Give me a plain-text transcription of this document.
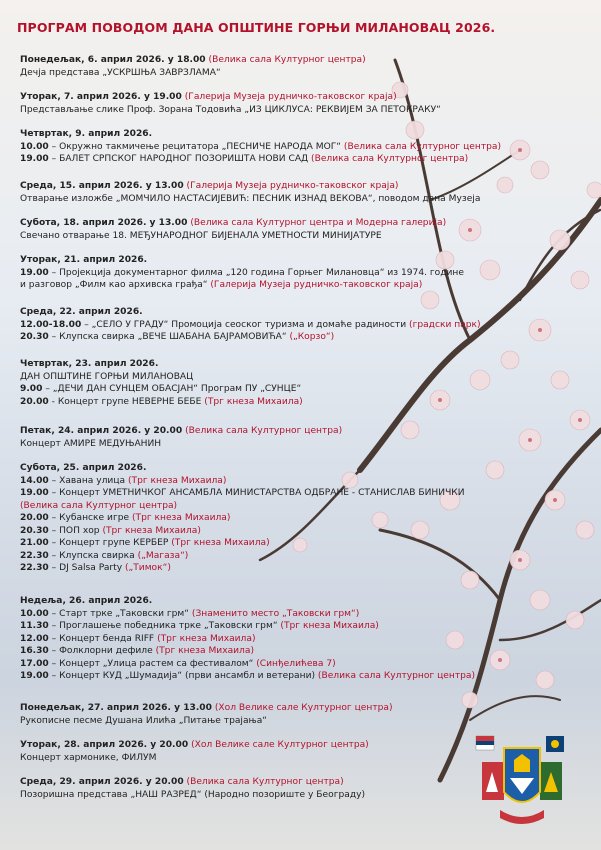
ПРОГРАМ ПОВОДОМ ДАНА ОПШТИНЕ ГОРЊИ МИЛАНОВАЦ 2026.
Понедељак, 6. април 2026. у 18.00 (Велика сала Културног центра)
Дечја представа „УСКРШЊА ЗАВРЗЛАМА“
Уторак, 7. април 2026. у 19.00 (Галерија Музеја рудничко-таковског краја)
Представљање слике Проф. Зорана Тодовића „ИЗ ЦИКЛУСА: РЕКВИЈЕМ ЗА ПЕТОКРАКУ“
Четвртак, 9. април 2026.
10.00 – Окружно такмичење рецитатора „ПЕСНИЧЕ НАРОДА МОГ“ (Велика сала Културног центра)
19.00 – БАЛЕТ СРПСКОГ НАРОДНОГ ПОЗОРИШТА НОВИ САД (Велика сала Културног центра)
Среда, 15. април 2026. у 13.00 (Галерија Музеја рудничко-таковског краја)
Отварање изложбе „МОМЧИЛО НАСТАСИЈЕВИЋ: ПЕСНИК ИЗНАД ВЕКОВА“, поводом дана Музеја
Субота, 18. април 2026. у 13.00 (Велика сала Културног центра и Модерна галерија)
Свечано отварање 18. МЕЂУНАРОДНОГ БИЈЕНАЛА УМЕТНОСТИ МИНИЈАТУРЕ
Уторак, 21. април 2026.
19.00 – Пројекција документарног филма „120 година Горњег Милановца“ из 1974. године
и разговор „Филм као архивска грађа“ (Галерија Музеја рудничко-таковског краја)
Среда, 22. април 2026.
12.00-18.00 – „СЕЛО У ГРАДУ“ Промоција сеоског туризма и домаће радиности (градски парк)
20.30 – Клупска свирка „ВЕЧЕ ШАБАНА БАЈРАМОВИЋА“ („Корзо“)
Четвртак, 23. април 2026.
ДАН ОПШТИНЕ ГОРЊИ МИЛАНОВАЦ
9.00 – „ДЕЧИ ДАН СУНЦЕМ ОБАСЈАН“ Програм ПУ „СУНЦЕ“
20.00 - Концерт групе НЕВЕРНЕ БЕБЕ (Трг кнеза Михаила)
Петак, 24. април 2026. у 20.00 (Велика сала Културног центра)
Концерт АМИРЕ МЕДУЊАНИН
Субота, 25. април 2026.
14.00 – Хавана улица (Трг кнеза Михаила)
19.00 – Концерт УМЕТНИЧКОГ АНСАМБЛА МИНИСТАРСТВА ОДБРАНЕ - СТАНИСЛАВ БИНИЧКИ
(Велика сала Културног центра)
20.00 – Кубанске игре (Трг кнеза Михаила)
20.30 – ПОП хор (Трг кнеза Михаила)
21.00 – Концерт групе КЕРБЕР (Трг кнеза Михаила)
22.30 – Клупска свирка („Магаза“)
22.30 – DJ Salsa Party („Тимок“)
Недеља, 26. април 2026.
10.00 – Старт трке „Таковски грм“ (Знаменито место „Таковски грм“)
11.30 – Проглашење победника трке „Таковски грм“ (Трг кнеза Михаила)
12.00 – Концерт бенда RIFF (Трг кнеза Михаила)
16.30 – Фолклорни дефиле (Трг кнеза Михаила)
17.00 – Концерт „Улица растем са фестивалом“ (Синђелићева 7)
19.00 – Концерт КУД „Шумадија“ (први ансамбл и ветерани) (Велика сала Културног центра)
Понедељак, 27. април 2026. у 13.00 (Хол Велике сале Културног центра)
Рукописне песме Душана Илића „Питање трајања“
Уторак, 28. април 2026. у 20.00 (Хол Велике сале Културног центра)
Концерт хармонике, ФИЛУМ
Среда, 29. април 2026. у 20.00 (Велика сала Културног центра)
Позоришна представа „НАШ РАЗРЕД“ (Народно позориште у Београду)
